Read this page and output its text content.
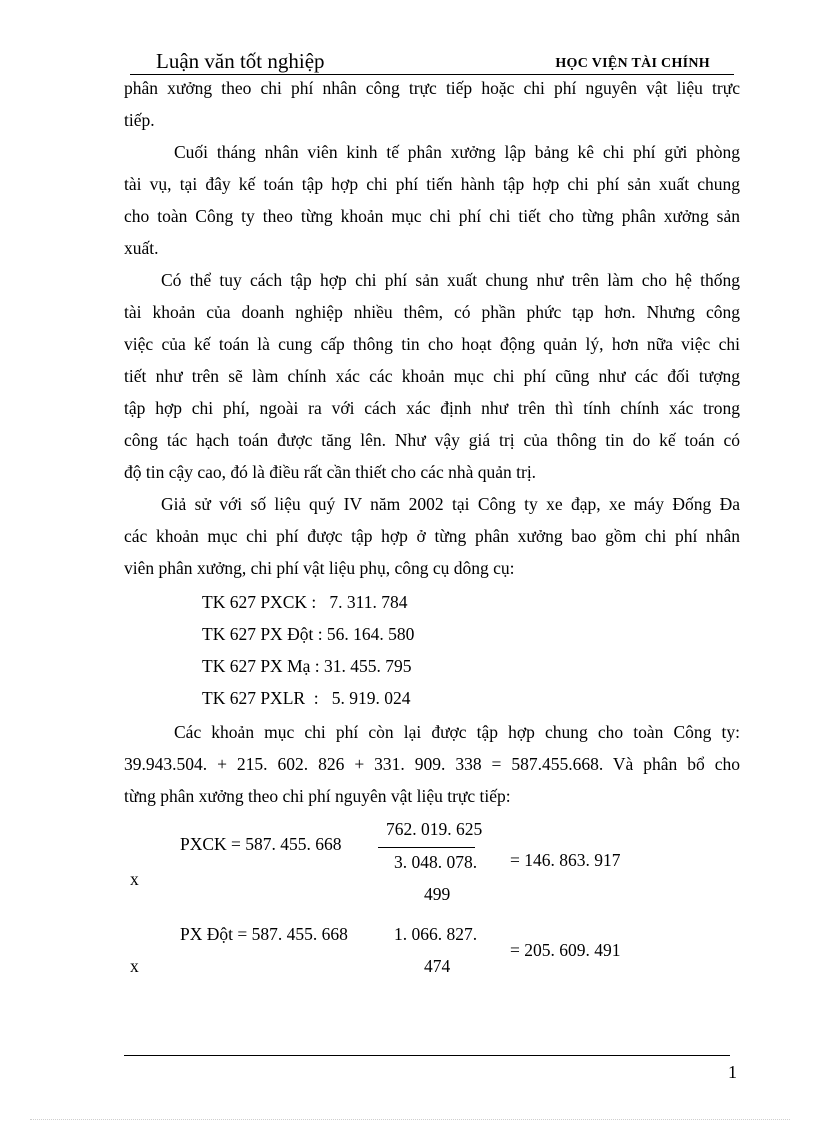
Luận văn tốt nghiệp	HỌC VIỆN TÀI CHÍNH
phân xưởng theo chi phí nhân công trực tiếp hoặc chi phí nguyên vật liệu trực
tiếp.
Cuối tháng nhân viên kinh tế phân xưởng lập bảng kê chi phí gửi phòng
tài vụ, tại đây kế toán tập hợp chi phí tiến hành tập hợp chi phí sản xuất chung
cho toàn Công ty theo từng khoản mục chi phí chi tiết cho từng phân xưởng sản
xuất.
Có thể tuy cách tập hợp chi phí sản xuất chung như trên làm cho hệ thống
tài khoản của doanh nghiệp nhiều thêm, có phần phức tạp hơn. Nhưng công
việc của kế toán là cung cấp thông tin cho hoạt động quản lý, hơn nữa việc chi
tiết như trên sẽ làm chính xác các khoản mục chi phí cũng như các đối tượng
tập hợp chi phí, ngoài ra với cách xác định như trên thì tính chính xác trong
công tác hạch toán được tăng lên. Như vậy giá trị của thông tin do kế toán có
độ tin cậy cao, đó là điều rất cần thiết cho các nhà quản trị.
Giả sử với số liệu quý IV năm 2002 tại Công ty xe đạp, xe máy Đống Đa
các khoản mục chi phí được tập hợp ở từng phân xưởng bao gồm chi phí nhân
viên phân xưởng, chi phí vật liệu phụ, công cụ dông cụ:
TK 627 PXCK :   7. 311. 784
TK 627 PX Đột : 56. 164. 580
TK 627 PX Mạ : 31. 455. 795
TK 627 PXLR  :   5. 919. 024
Các khoản mục chi phí còn lại được tập hợp chung cho toàn Công ty:
39.943.504. + 215. 602. 826 + 331. 909. 338 = 587.455.668. Và phân bổ cho
từng phân xưởng theo chi phí nguyên vật liệu trực tiếp:
PXCK = 587. 455. 668
762. 019. 625
3. 048. 078. = 146. 863. 917
x
499
PX Đột = 587. 455. 668	1. 066. 827.
= 205. 609. 491
x	474
1
